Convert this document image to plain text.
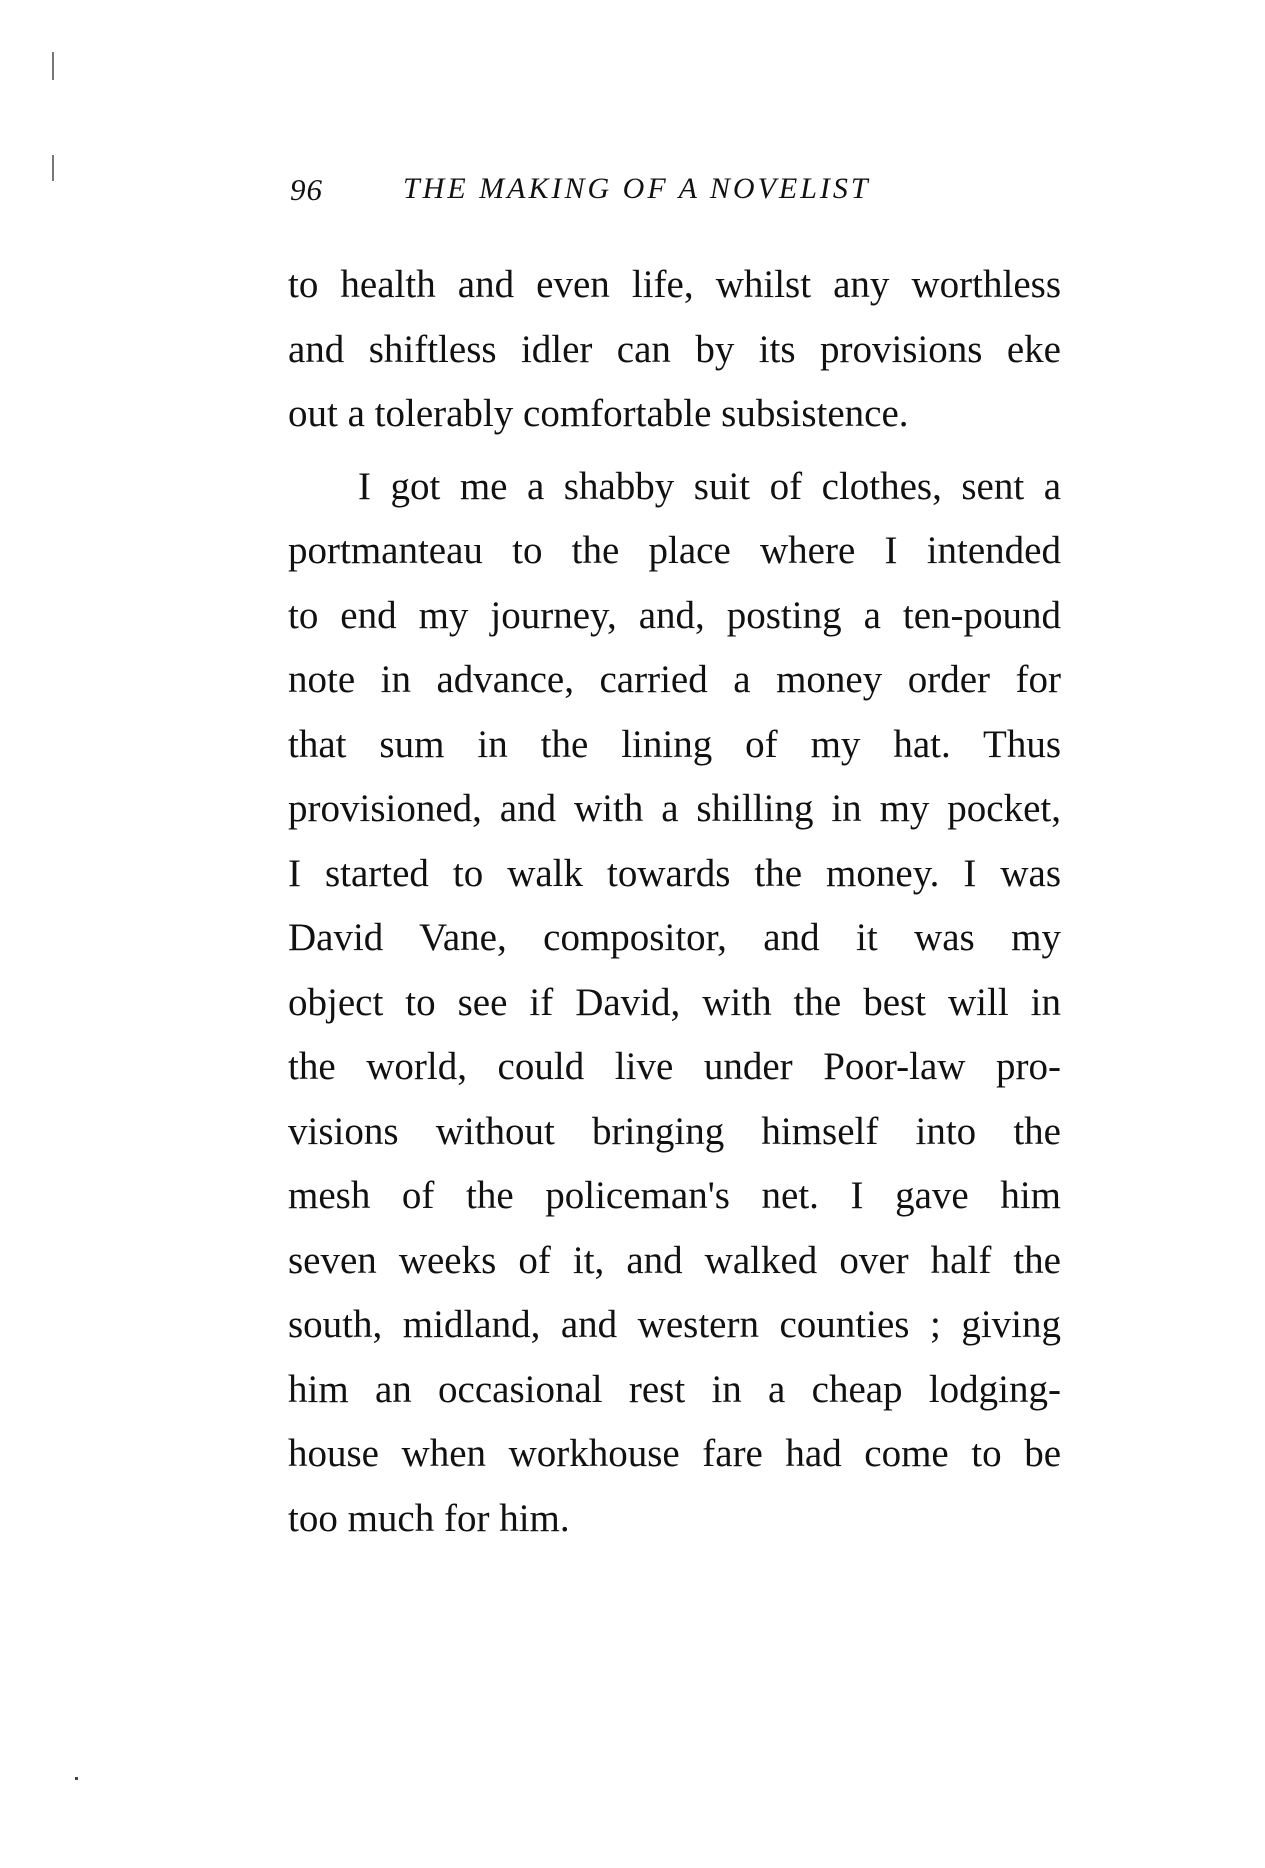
96	THE MAKING OF A NOVELIST
to health and even life, whilst any worthless
and shiftless idler can by its provisions eke
out a tolerably comfortable subsistence.
I got me a shabby suit of clothes, sent a
portmanteau to the place where I intended
to end my journey, and, posting a ten-pound
note in advance, carried a money order for
that sum in the lining of my hat. Thus
provisioned, and with a shilling in my pocket,
I started to walk towards the money. I was
David Vane, compositor, and it was my
object to see if David, with the best will in
the world, could live under Poor-law pro-
visions without bringing himself into the
mesh of the policeman's net. I gave him
seven weeks of it, and walked over half the
south, midland, and western counties ; giving
him an occasional rest in a cheap lodging-
house when workhouse fare had come to be
too much for him.
